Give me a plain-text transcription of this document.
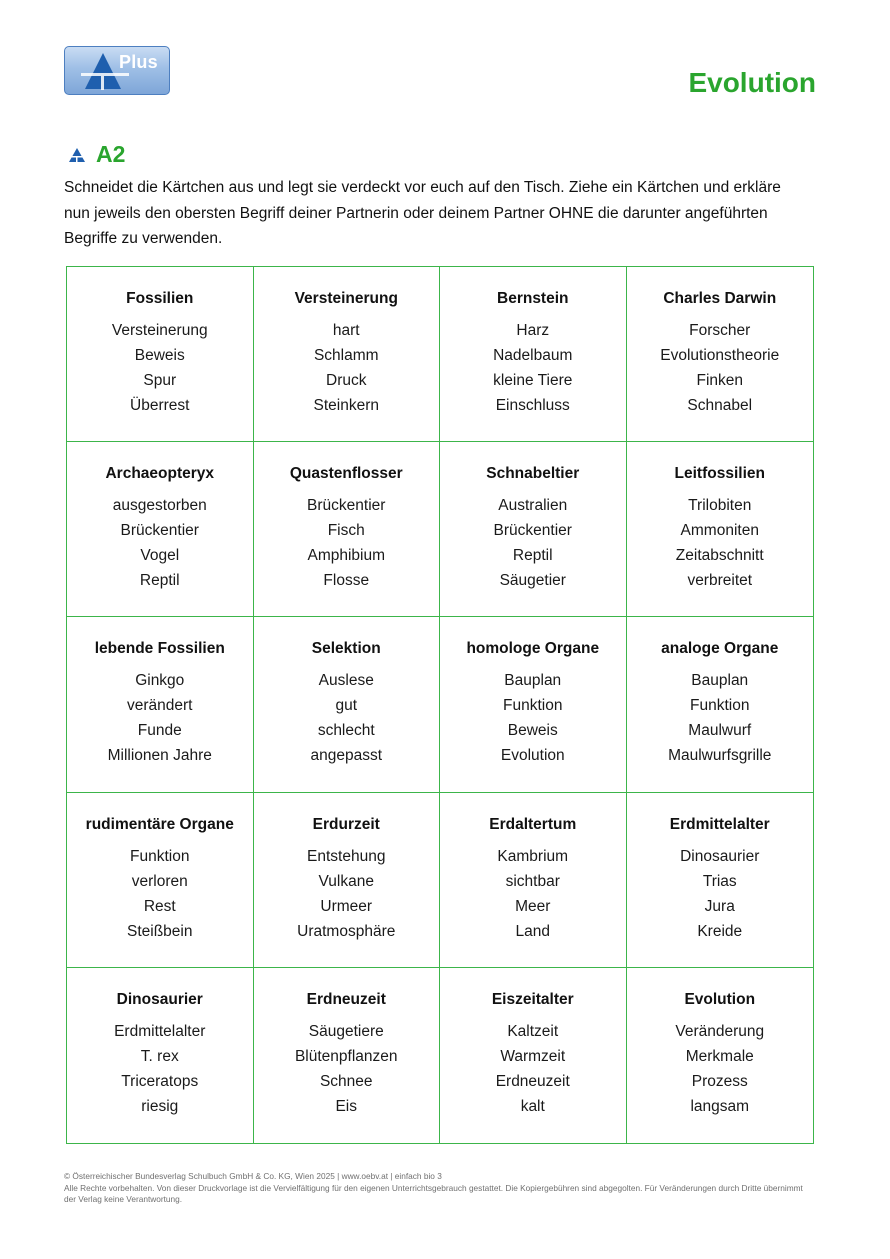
Plus
Evolution
A2
Schneidet die Kärtchen aus und legt sie verdeckt vor euch auf den Tisch. Ziehe ein Kärtchen und erkläre nun jeweils den obersten Begriff deiner Partnerin oder deinem Partner OHNE die darunter angeführten Begriffe zu verwenden.
Fossilien
Versteinerung
Beweis
Spur
Überrest
Versteinerung
hart
Schlamm
Druck
Steinkern
Bernstein
Harz
Nadelbaum
kleine Tiere
Einschluss
Charles Darwin
Forscher
Evolutionstheorie
Finken
Schnabel
Archaeopteryx
ausgestorben
Brückentier
Vogel
Reptil
Quastenflosser
Brückentier
Fisch
Amphibium
Flosse
Schnabeltier
Australien
Brückentier
Reptil
Säugetier
Leitfossilien
Trilobiten
Ammoniten
Zeitabschnitt
verbreitet
lebende Fossilien
Ginkgo
verändert
Funde
Millionen Jahre
Selektion
Auslese
gut
schlecht
angepasst
homologe Organe
Bauplan
Funktion
Beweis
Evolution
analoge Organe
Bauplan
Funktion
Maulwurf
Maulwurfsgrille
rudimentäre Organe
Funktion
verloren
Rest
Steißbein
Erdurzeit
Entstehung
Vulkane
Urmeer
Uratmosphäre
Erdaltertum
Kambrium
sichtbar
Meer
Land
Erdmittelalter
Dinosaurier
Trias
Jura
Kreide
Dinosaurier
Erdmittelalter
T. rex
Triceratops
riesig
Erdneuzeit
Säugetiere
Blütenpflanzen
Schnee
Eis
Eiszeitalter
Kaltzeit
Warmzeit
Erdneuzeit
kalt
Evolution
Veränderung
Merkmale
Prozess
langsam
© Österreichischer Bundesverlag Schulbuch GmbH & Co. KG, Wien 2025 | www.oebv.at | einfach bio 3
Alle Rechte vorbehalten. Von dieser Druckvorlage ist die Vervielfältigung für den eigenen Unterrichtsgebrauch gestattet. Die Kopiergebühren sind abgegolten. Für Veränderungen durch Dritte übernimmt der Verlag keine Verantwortung.
